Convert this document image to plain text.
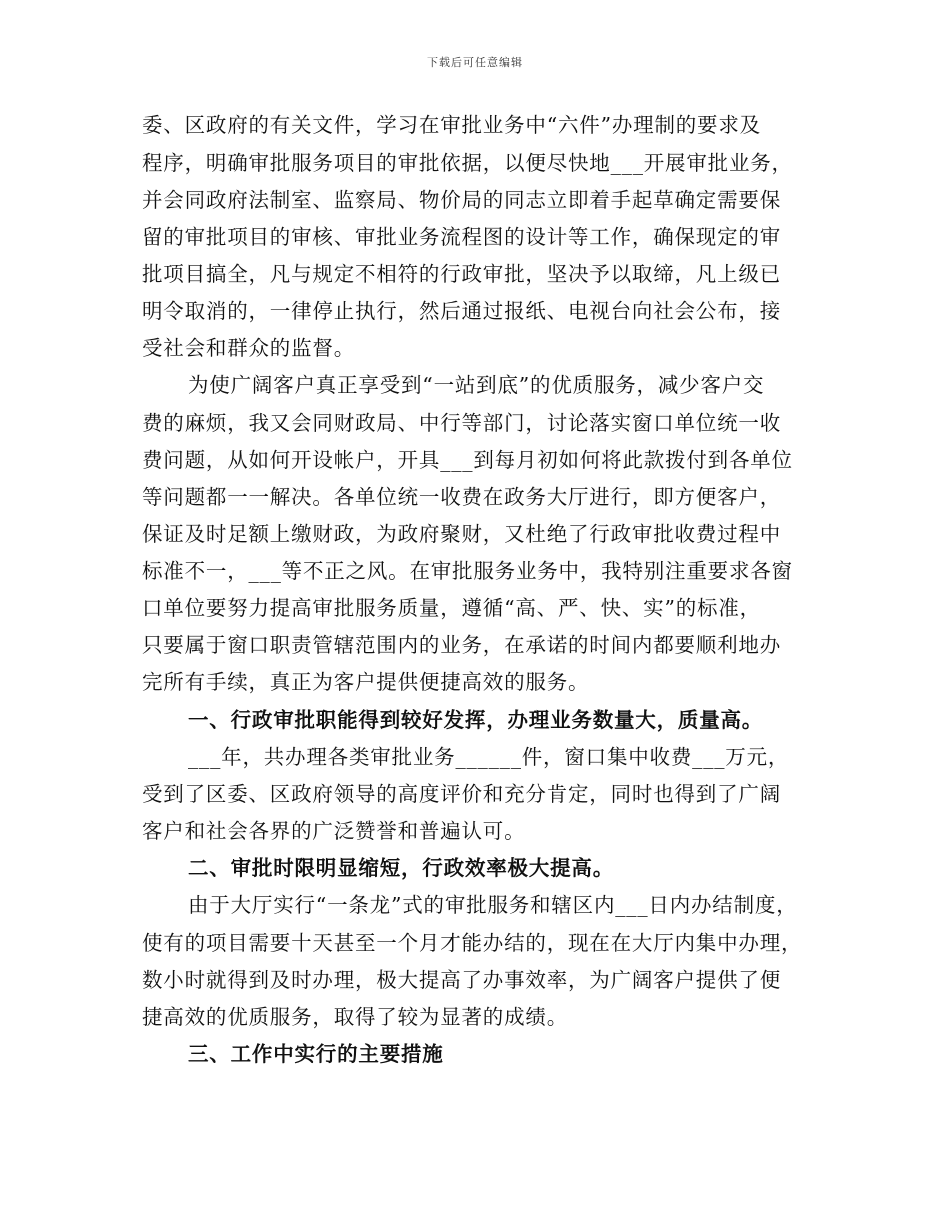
下载后可任意编辑
委、区政府的有关文件，学习在审批业务中“六件”办理制的要求及
程序，明确审批服务项目的审批依据，以便尽快地___开展审批业务，
并会同政府法制室、监察局、物价局的同志立即着手起草确定需要保
留的审批项目的审核、审批业务流程图的设计等工作，确保现定的审
批项目搞全，凡与规定不相符的行政审批，坚决予以取缔，凡上级已
明令取消的，一律停止执行，然后通过报纸、电视台向社会公布，接
受社会和群众的监督。
为使广阔客户真正享受到“一站到底”的优质服务，减少客户交
费的麻烦，我又会同财政局、中行等部门，讨论落实窗口单位统一收
费问题，从如何开设帐户，开具___到每月初如何将此款拨付到各单位
等问题都一一解决。各单位统一收费在政务大厅进行，即方便客户，
保证及时足额上缴财政，为政府聚财，又杜绝了行政审批收费过程中
标准不一，___等不正之风。在审批服务业务中，我特别注重要求各窗
口单位要努力提高审批服务质量，遵循“高、严、快、实”的标准，
只要属于窗口职责管辖范围内的业务，在承诺的时间内都要顺利地办
完所有手续，真正为客户提供便捷高效的服务。
一、行政审批职能得到较好发挥，办理业务数量大，质量高。
___年，共办理各类审批业务______件，窗口集中收费___万元，
受到了区委、区政府领导的高度评价和充分肯定，同时也得到了广阔
客户和社会各界的广泛赞誉和普遍认可。
二、审批时限明显缩短，行政效率极大提高。
由于大厅实行“一条龙”式的审批服务和辖区内___日内办结制度，
使有的项目需要十天甚至一个月才能办结的，现在在大厅内集中办理，
数小时就得到及时办理，极大提高了办事效率，为广阔客户提供了便
捷高效的优质服务，取得了较为显著的成绩。
三、工作中实行的主要措施
